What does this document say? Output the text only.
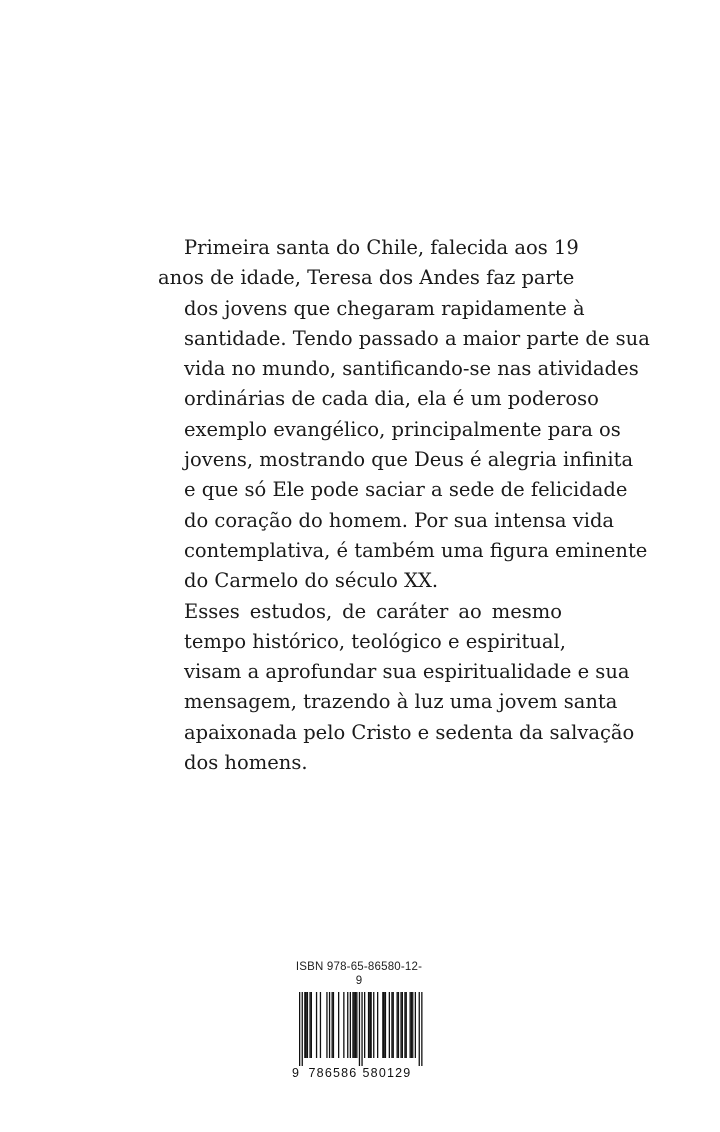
Primeira santa do Chile, falecida aos 19
anos de idade, Teresa dos Andes faz parte
dos jovens que chegaram rapidamente à
santidade. Tendo passado a maior parte de sua
vida no mundo, santificando-se nas atividades
ordinárias de cada dia, ela é um poderoso
exemplo evangélico, principalmente para os
jovens, mostrando que Deus é alegria infinita
e que só Ele pode saciar a sede de felicidade
do coração do homem. Por sua intensa vida
contemplativa, é também uma figura eminente
do Carmelo do século XX.

Esses estudos, de caráter ao mesmo
tempo histórico, teológico e espiritual,
visam a aprofundar sua espiritualidade e sua
mensagem, trazendo à luz uma jovem santa
apaixonada pelo Cristo e sedenta da salvação
dos homens.

ISBN 978-65-86580-12-9
9 786586 580129
